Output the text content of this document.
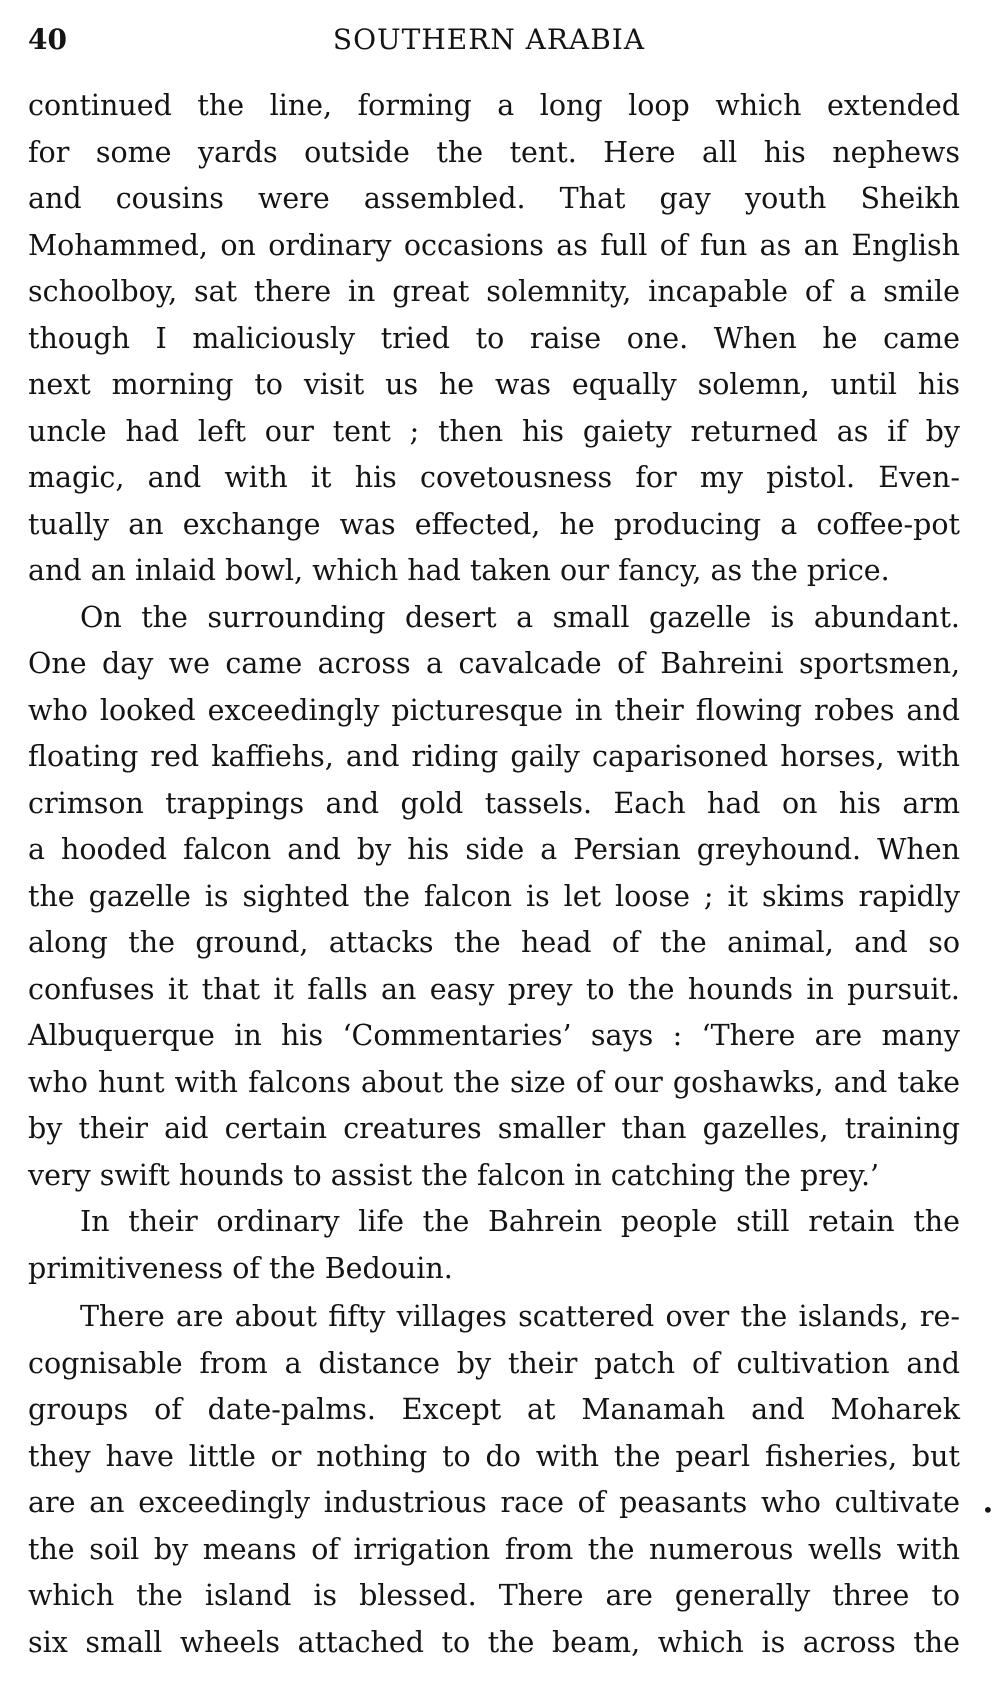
40	SOUTHERN ARABIA
continued the line, forming a long loop which extended
for some yards outside the tent. Here all his nephews
and cousins were assembled. That gay youth Sheikh
Mohammed, on ordinary occasions as full of fun as an English
schoolboy, sat there in great solemnity, incapable of a smile
though I maliciously tried to raise one. When he came
next morning to visit us he was equally solemn, until his
uncle had left our tent ; then his gaiety returned as if by
magic, and with it his covetousness for my pistol. Even-
tually an exchange was effected, he producing a coffee-pot
and an inlaid bowl, which had taken our fancy, as the price.
On the surrounding desert a small gazelle is abundant.
One day we came across a cavalcade of Bahreini sportsmen,
who looked exceedingly picturesque in their flowing robes and
floating red kaffiehs, and riding gaily caparisoned horses, with
crimson trappings and gold tassels. Each had on his arm
a hooded falcon and by his side a Persian greyhound. When
the gazelle is sighted the falcon is let loose ; it skims rapidly
along the ground, attacks the head of the animal, and so
confuses it that it falls an easy prey to the hounds in pursuit.
Albuquerque in his ‘Commentaries’ says : ‘There are many
who hunt with falcons about the size of our goshawks, and take
by their aid certain creatures smaller than gazelles, training
very swift hounds to assist the falcon in catching the prey.’
In their ordinary life the Bahrein people still retain the
primitiveness of the Bedouin.
There are about fifty villages scattered over the islands, re-
cognisable from a distance by their patch of cultivation and
groups of date-palms. Except at Manamah and Moharek
they have little or nothing to do with the pearl fisheries, but
are an exceedingly industrious race of peasants who cultivate
the soil by means of irrigation from the numerous wells with
which the island is blessed. There are generally three to
six small wheels attached to the beam, which is across the
•
